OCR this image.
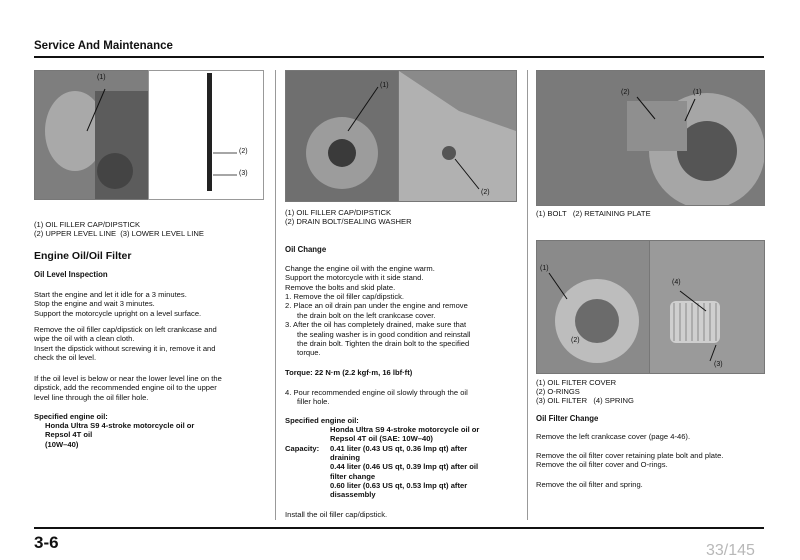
Service And Maintenance
(1)
(2)
(3)
(1) OIL FILLER CAP/DIPSTICK
(2) UPPER LEVEL LINE  (3) LOWER LEVEL LINE
Engine Oil/Oil Filter
Oil Level Inspection
Start the engine and let it idle for a 3 minutes.
Stop the engine and wait 3 minutes.
Support the motorcycle upright on a level surface.
Remove the oil filler cap/dipstick on left crankcase and
wipe the oil with a clean cloth.
Insert the dipstick without screwing it in, remove it and
check the oil level.
If the oil level is below or near the lower level line on the
dipstick, add the recommended engine oil to the upper
level line through the oil filler hole.
Specified engine oil:
Honda Ultra S9 4-stroke motorcycle oil or
Repsol 4T oil
(10W–40)
(1)
(2)
(1) OIL FILLER CAP/DIPSTICK
(2) DRAIN BOLT/SEALING WASHER
Oil Change
Change the engine oil with the engine warm.
Support the motorcycle with it side stand.
Remove the bolts and skid plate.
1. Remove the oil filler cap/dipstick.
2. Place an oil drain pan under the engine and remove
the drain bolt on the left crankcase cover.
3. After the oil has completely drained, make sure that
the sealing washer is in good condition and reinstall
the drain bolt. Tighten the drain bolt to the specified
torque.
Torque: 22 N·m (2.2 kgf·m, 16 lbf·ft)
4. Pour recommended engine oil slowly through the oil
filler hole.
Specified engine oil:
Honda Ultra S9 4-stroke motorcycle oil or
Repsol 4T oil (SAE: 10W–40)
Capacity:	0.41 liter (0.43 US qt, 0.36 lmp qt) after
draining
0.44 liter (0.46 US qt, 0.39 lmp qt) after oil
filter change
0.60 liter (0.63 US qt, 0.53 lmp qt) after
disassembly
Install the oil filler cap/dipstick.
(2)	(1)
(1) BOLT   (2) RETAINING PLATE
(1)
(2)
(4)
(3)
(1) OIL FILTER COVER
(2) O-RINGS
(3) OIL FILTER   (4) SPRING
Oil Filter Change
Remove the left crankcase cover (page 4-46).
Remove the oil filter cover retaining plate bolt and plate.
Remove the oil filter cover and O-rings.
Remove the oil filter and spring.
3-6	33/145
